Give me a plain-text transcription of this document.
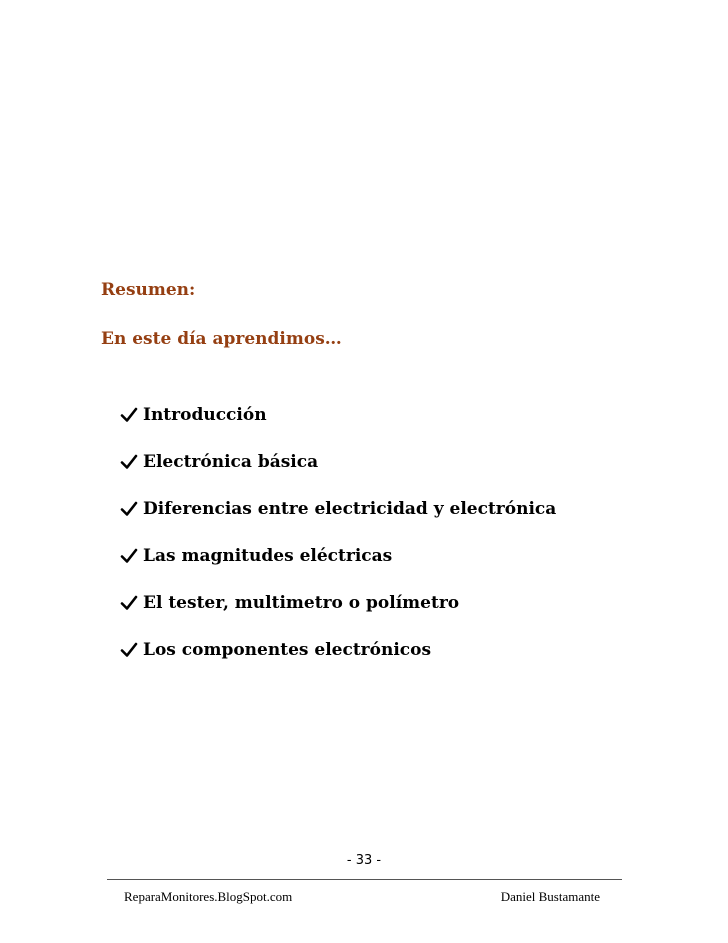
Resumen:
En este día aprendimos…
Introducción
Electrónica básica
Diferencias entre electricidad y electrónica
Las magnitudes eléctricas
El tester, multimetro o polímetro
Los componentes electrónicos
- 33 -
ReparaMonitores.BlogSpot.com	Daniel Bustamante
